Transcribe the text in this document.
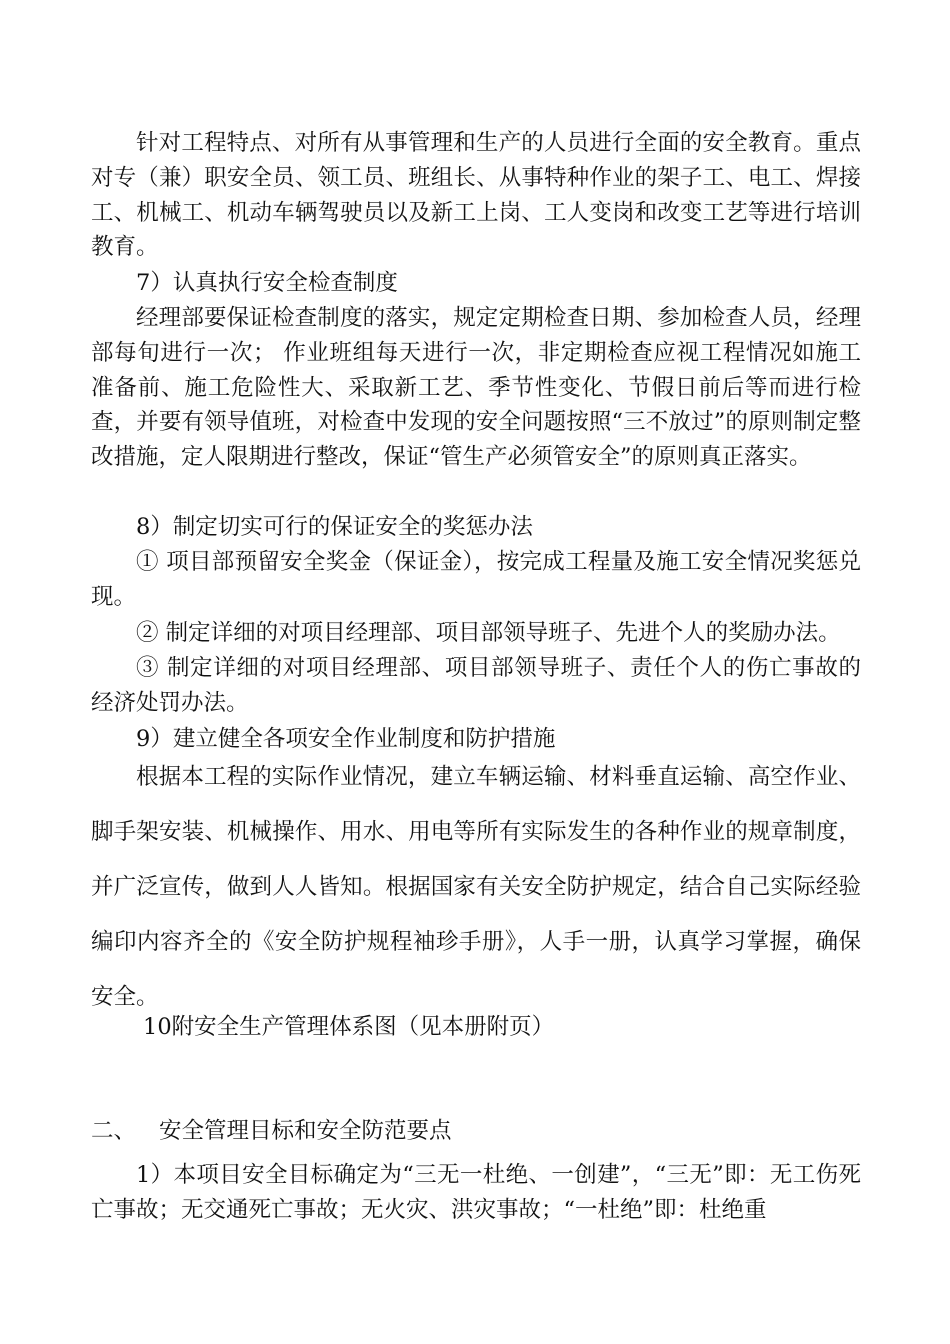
针对工程特点、对所有从事管理和生产的人员进行全面的安全教育。重点对专（兼）职安全员、领工员、班组长、从事特种作业的架子工、电工、焊接工、机械工、机动车辆驾驶员以及新工上岗、工人变岗和改变工艺等进行培训教育。

7）认真执行安全检查制度

经理部要保证检查制度的落实，规定定期检查日期、参加检查人员，经理部每旬进行一次； 作业班组每天进行一次，非定期检查应视工程情况如施工准备前、施工危险性大、采取新工艺、季节性变化、节假日前后等而进行检查，并要有领导值班，对检查中发现的安全问题按照“三不放过”的原则制定整改措施，定人限期进行整改，保证“管生产必须管安全”的原则真正落实。

8）制定切实可行的保证安全的奖惩办法

① 项目部预留安全奖金（保证金），按完成工程量及施工安全情况奖惩兑现。

② 制定详细的对项目经理部、项目部领导班子、先进个人的奖励办法。

③ 制定详细的对项目经理部、项目部领导班子、责任个人的伤亡事故的经济处罚办法。

9）建立健全各项安全作业制度和防护措施

根据本工程的实际作业情况，建立车辆运输、材料垂直运输、高空作业、脚手架安装、机械操作、用水、用电等所有实际发生的各种作业的规章制度，并广泛宣传，做到人人皆知。根据国家有关安全防护规定，结合自己实际经验编印内容齐全的《安全防护规程袖珍手册》，人手一册，认真学习掌握，确保安全。

10附安全生产管理体系图（见本册附页）

二、 安全管理目标和安全防范要点

1）本项目安全目标确定为“三无一杜绝、一创建”，“三无”即：无工伤死亡事故；无交通死亡事故；无火灾、洪灾事故；“一杜绝”即：杜绝重
